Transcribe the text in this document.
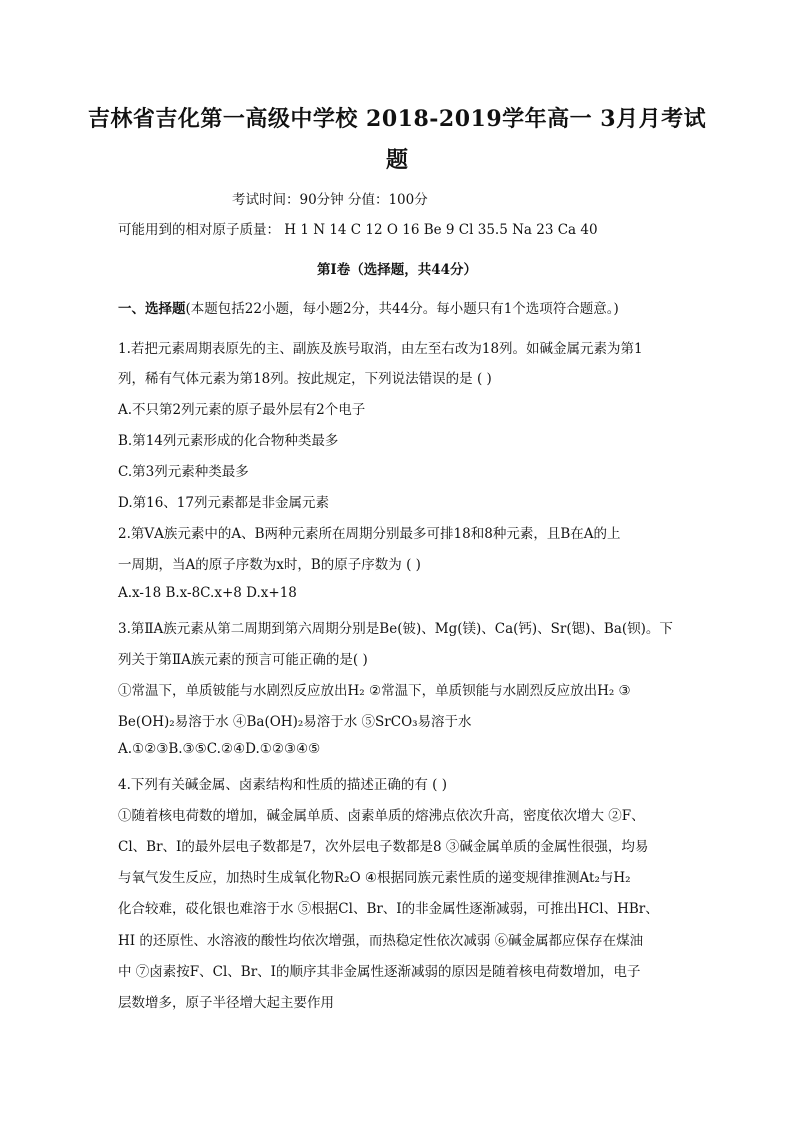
吉林省吉化第一高级中学校 2018-2019学年高一 3月月考试
题
考试时间：90分钟 分值：100分
可能用到的相对原子质量： H 1 N 14 C 12 O 16 Be 9 Cl 35.5 Na 23 Ca 40
第Ⅰ卷（选择题，共44分）
一、选择题(本题包括22小题，每小题2分，共44分。每小题只有1个选项符合题意。)
1.若把元素周期表原先的主、副族及族号取消，由左至右改为18列。如碱金属元素为第1
列，稀有气体元素为第18列。按此规定，下列说法错误的是 ( )
A.不只第2列元素的原子最外层有2个电子
B.第14列元素形成的化合物种类最多
C.第3列元素种类最多
D.第16、17列元素都是非金属元素
2.第ⅤA族元素中的A、B两种元素所在周期分别最多可排18和8种元素，且B在A的上
一周期，当A的原子序数为x时，B的原子序数为 ( )
A.x-18 B.x-8C.x+8 D.x+18
3.第ⅡA族元素从第二周期到第六周期分别是Be(铍)、Mg(镁)、Ca(钙)、Sr(锶)、Ba(钡)。下
列关于第ⅡA族元素的预言可能正确的是( )
①常温下，单质铍能与水剧烈反应放出H₂ ②常温下，单质钡能与水剧烈反应放出H₂ ③
Be(OH)₂易溶于水 ④Ba(OH)₂易溶于水 ⑤SrCO₃易溶于水
A.①②③B.③⑤C.②④D.①②③④⑤
4.下列有关碱金属、卤素结构和性质的描述正确的有 ( )
①随着核电荷数的增加，碱金属单质、卤素单质的熔沸点依次升高，密度依次增大 ②F、
Cl、Br、I的最外层电子数都是7，次外层电子数都是8 ③碱金属单质的金属性很强，均易
与氧气发生反应，加热时生成氧化物R₂O ④根据同族元素性质的递变规律推测At₂与H₂
化合较难，砹化银也难溶于水 ⑤根据Cl、Br、I的非金属性逐渐减弱，可推出HCl、HBr、
HI 的还原性、水溶液的酸性均依次增强，而热稳定性依次减弱 ⑥碱金属都应保存在煤油
中 ⑦卤素按F、Cl、Br、I的顺序其非金属性逐渐减弱的原因是随着核电荷数增加，电子
层数增多，原子半径增大起主要作用
